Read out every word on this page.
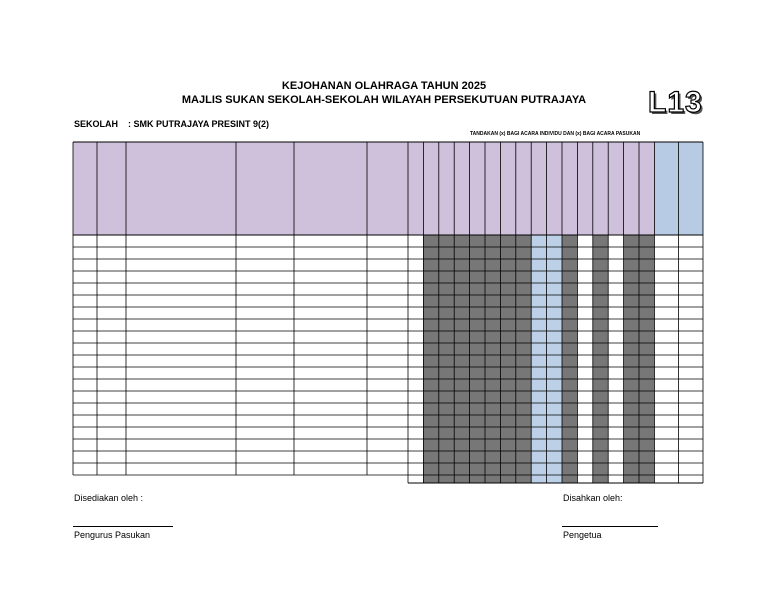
KEJOHANAN OLAHRAGA TAHUN 2025
MAJLIS SUKAN SEKOLAH-SEKOLAH WILAYAH PERSEKUTUAN PUTRAJAYA	L13
SEKOLAH : SMK PUTRAJAYA PRESINT 9(2)
TANDAKAN (x) BAGI ACARA INDIVIDU DAN (x) BAGI ACARA PASUKAN
Disediakan oleh :
Pengurus Pasukan
Disahkan oleh:
Pengetua
